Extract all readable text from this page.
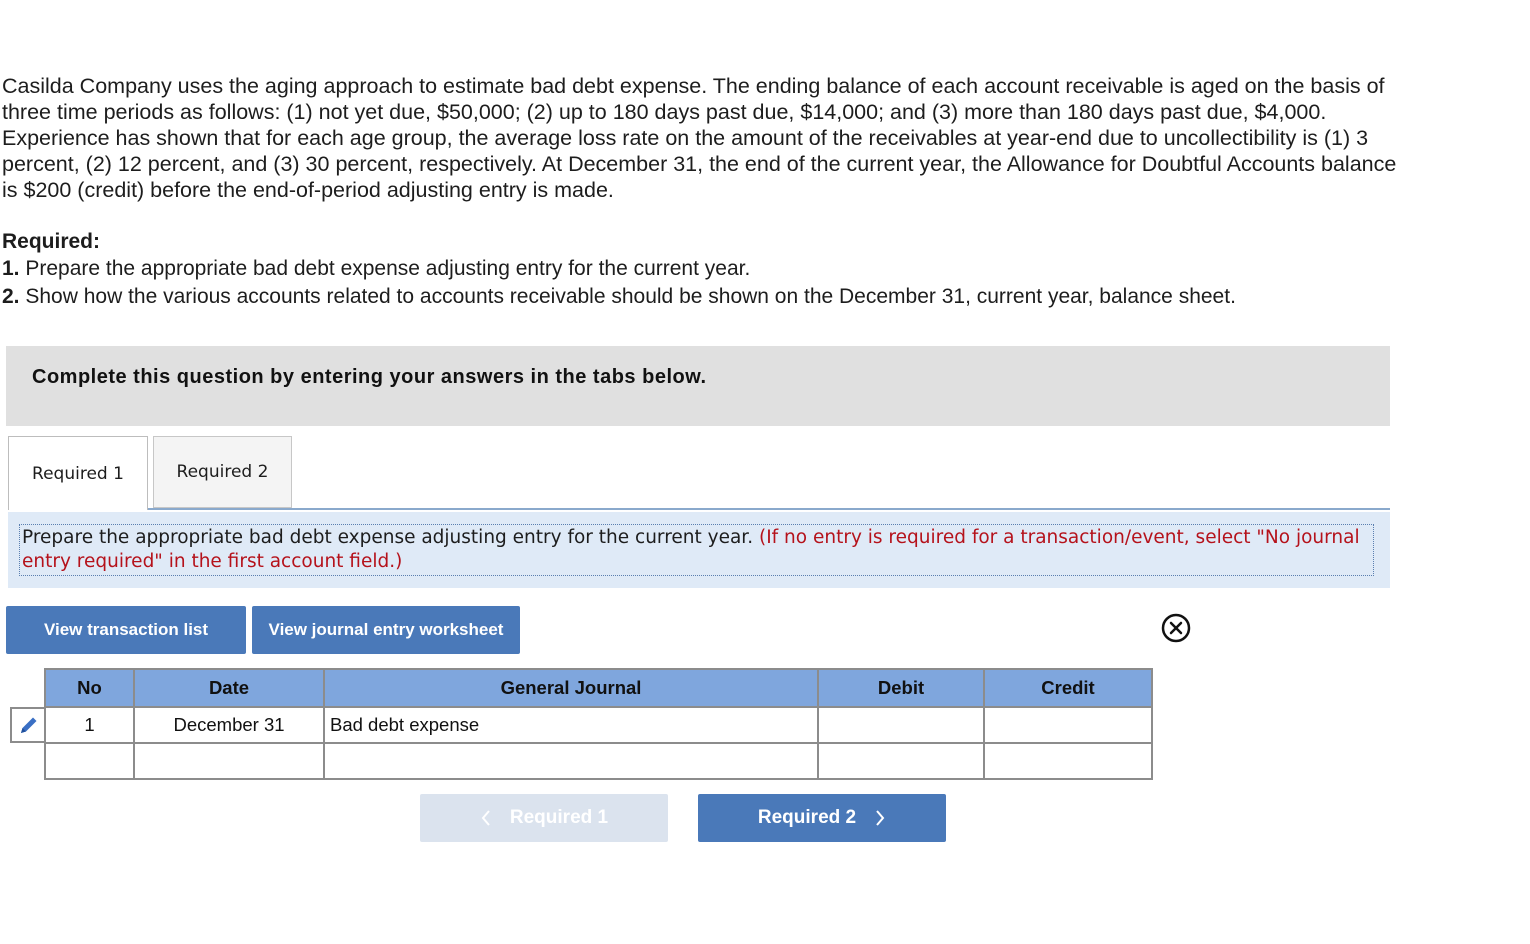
Casilda Company uses the aging approach to estimate bad debt expense. The ending balance of each account receivable is aged on the basis of three time periods as follows: (1) not yet due, $50,000; (2) up to 180 days past due, $14,000; and (3) more than 180 days past due, $4,000. Experience has shown that for each age group, the average loss rate on the amount of the receivables at year-end due to uncollectibility is (1) 3 percent, (2) 12 percent, and (3) 30 percent, respectively. At December 31, the end of the current year, the Allowance for Doubtful Accounts balance is $200 (credit) before the end-of-period adjusting entry is made.

Required:

1. Prepare the appropriate bad debt expense adjusting entry for the current year.

2. Show how the various accounts related to accounts receivable should be shown on the December 31, current year, balance sheet.

Complete this question by entering your answers in the tabs below.
Required 1	Required 2
Prepare the appropriate bad debt expense adjusting entry for the current year. (If no entry is required for a transaction/event, select "No journal entry required" in the first account field.)
View transaction list	View journal entry worksheet
No	Date	General Journal	Debit	Credit
1	December 31	Bad debt expense		

Required 1	Required 2
